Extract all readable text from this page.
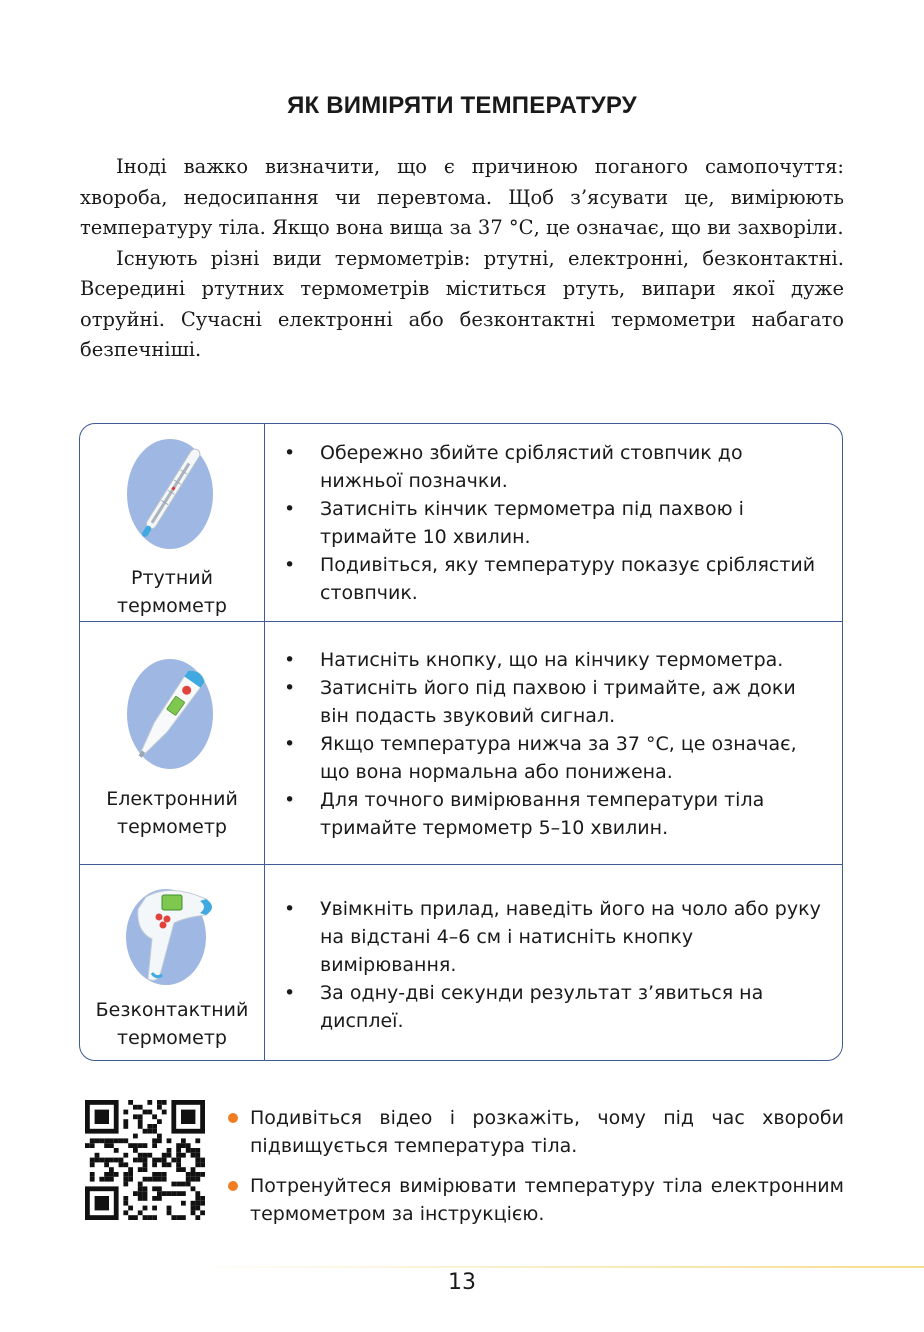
ЯК ВИМІРЯТИ ТЕМПЕРАТУРУ

Іноді важко визначити, що є причиною поганого самопочуття: хвороба, недосипання чи перевтома. Щоб з’ясувати це, вимірюють температуру тіла. Якщо вона вища за 37 °С, це означає, що ви захворіли.

Існують різні види термометрів: ртутні, електронні, безконтактні. Всередині ртутних термометрів міститься ртуть, випари якої дуже отруйні. Сучасні електронні або безконтактні термометри набагато безпечніші.

Ртутний
термометр
• Обережно збийте сріблястий стовпчик до нижньої позначки.
• Затисніть кінчик термометра під пахвою і тримайте 10 хвилин.
• Подивіться, яку температуру показує сріблястий стовпчик.
Електронний
термометр
• Натисніть кнопку, що на кінчику термометра.
• Затисніть його під пахвою і тримайте, аж доки він подасть звуковий сигнал.
• Якщо температура нижча за 37 °С, це означає, що вона нормальна або понижена.
• Для точного вимірювання температури тіла тримайте термометр 5–10 хвилин.
Безконтактний
термометр
• Увімкніть прилад, наведіть його на чоло або руку на відстані 4–6 см і натисніть кнопку вимірювання.
• За одну-дві секунди результат з’явиться на дисплеї.
Подивіться відео і розкажіть, чому під час хвороби підвищується температура тіла.
Потренуйтеся вимірювати температуру тіла електронним термометром за інструкцією.
13
